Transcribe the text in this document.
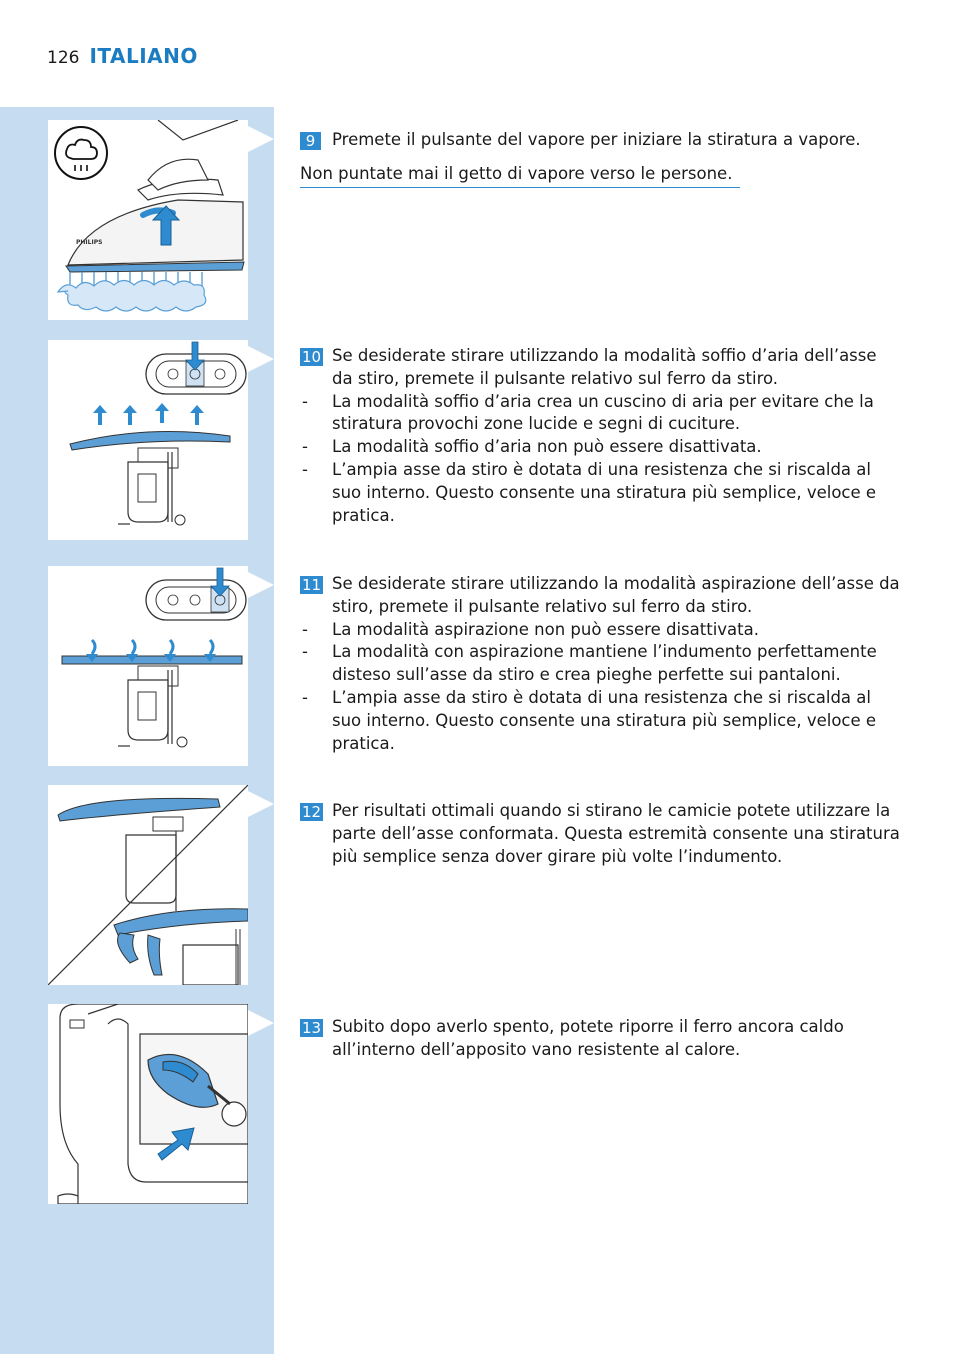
126 ITALIANO
PHILIPS
9	Premete il pulsante del vapore per iniziare la stiratura a vapore.
Non puntate mai il getto di vapore verso le persone.
10 Se desiderate stirare utilizzando la modalità soffio d’aria dell’asse da stiro, premete il pulsante relativo sul ferro da stiro.
- La modalità soffio d’aria crea un cuscino di aria per evitare che la stiratura provochi zone lucide e segni di cuciture.
- La modalità soffio d’aria non può essere disattivata.
- L’ampia asse da stiro è dotata di una resistenza che si riscalda al suo interno. Questo consente una stiratura più semplice, veloce e pratica.
11 Se desiderate stirare utilizzando la modalità aspirazione dell’asse da stiro, premete il pulsante relativo sul ferro da stiro.
- La modalità aspirazione non può essere disattivata.
- La modalità con aspirazione mantiene l’indumento perfettamente disteso sull’asse da stiro e crea pieghe perfette sui pantaloni.
- L’ampia asse da stiro è dotata di una resistenza che si riscalda al suo interno. Questo consente una stiratura più semplice, veloce e pratica.
12 Per risultati ottimali quando si stirano le camicie potete utilizzare la parte dell’asse conformata. Questa estremità consente una stiratura più semplice senza dover girare più volte l’indumento.
13 Subito dopo averlo spento, potete riporre il ferro ancora caldo all’interno dell’apposito vano resistente al calore.
